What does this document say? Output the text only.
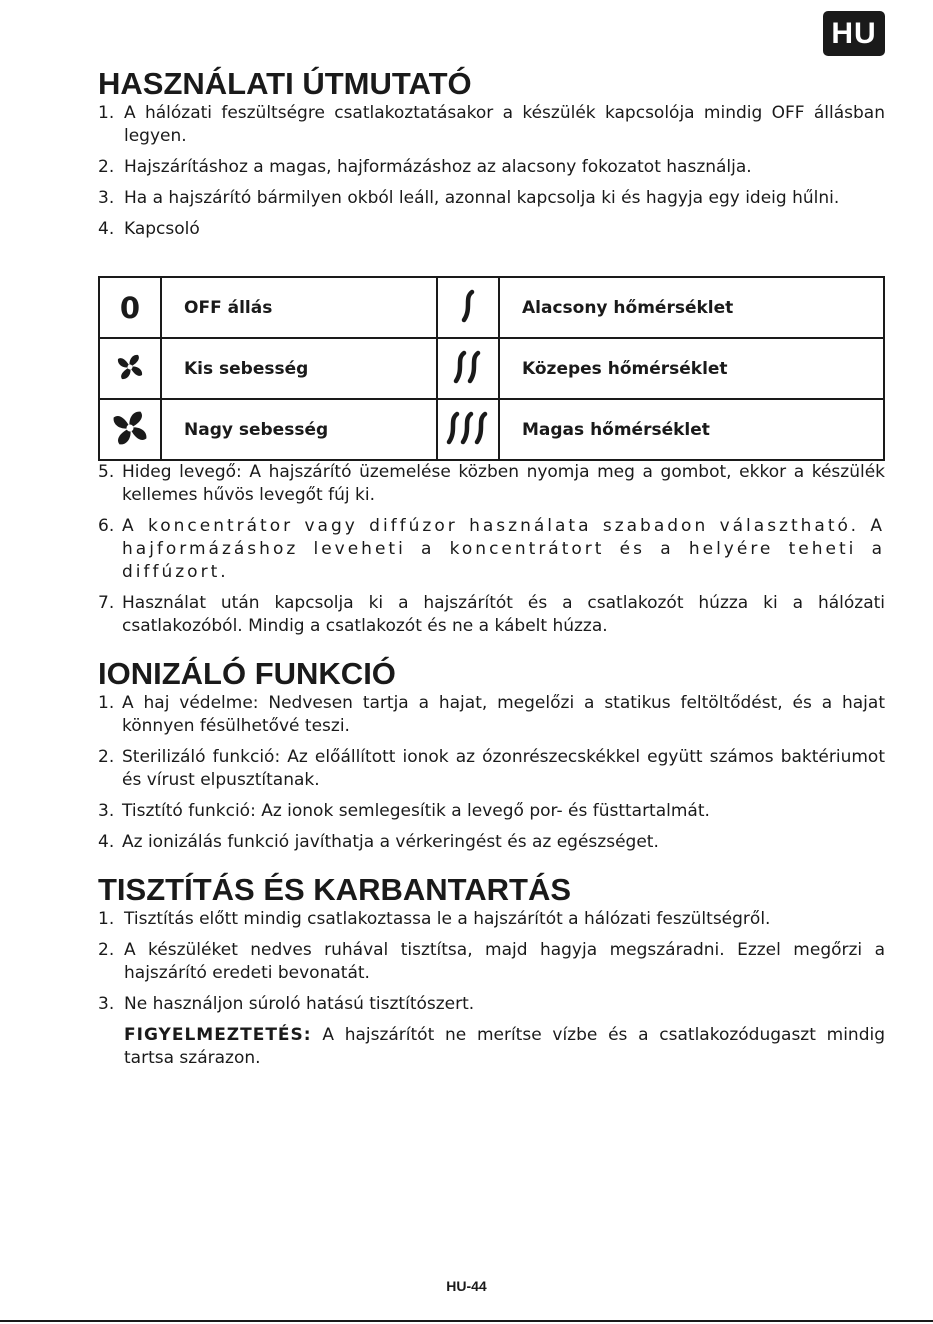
HU
HASZNÁLATI ÚTMUTATÓ
1. A hálózati feszültségre csatlakoztatásakor a készülék kapcsolója mindig OFF állásban legyen.
2. Hajszárításhoz a magas, hajformázáshoz az alacsony fokozatot használja.
3. Ha a hajszárító bármilyen okból leáll, azonnal kapcsolja ki és hagyja egy ideig hűlni.
4. Kapcsoló
0	OFF állás		Alacsony hőmérséklet
	Kis sebesség		Közepes hőmérséklet
	Nagy sebesség		Magas hőmérséklet
5. Hideg levegő: A hajszárító üzemelése közben nyomja meg a gombot, ekkor a készülék kellemes hűvös levegőt fúj ki.
6. A koncentrátor vagy diffúzor használata szabadon választható. A hajformázáshoz leveheti a koncentrátort és a helyére teheti a diffúzort.
7. Használat után kapcsolja ki a hajszárítót és a csatlakozót húzza ki a hálózati csatlakozóból. Mindig a csatlakozót és ne a kábelt húzza.
IONIZÁLÓ FUNKCIÓ
1. A haj védelme: Nedvesen tartja a hajat, megelőzi a statikus feltöltődést, és a hajat könnyen fésülhetővé teszi.
2. Sterilizáló funkció: Az előállított ionok az ózonrészecskékkel együtt számos baktériumot és vírust elpusztítanak.
3. Tisztító funkció: Az ionok semlegesítik a levegő por- és füsttartalmát.
4. Az ionizálás funkció javíthatja a vérkeringést és az egészséget.
TISZTÍTÁS ÉS KARBANTARTÁS
1. Tisztítás előtt mindig csatlakoztassa le a hajszárítót a hálózati feszültségről.
2. A készüléket nedves ruhával tisztítsa, majd hagyja megszáradni. Ezzel megőrzi a hajszárító eredeti bevonatát.
3. Ne használjon súroló hatású tisztítószert.
FIGYELMEZTETÉS: A hajszárítót ne merítse vízbe és a csatlakozódugaszt mindig tartsa szárazon.
HU-44
